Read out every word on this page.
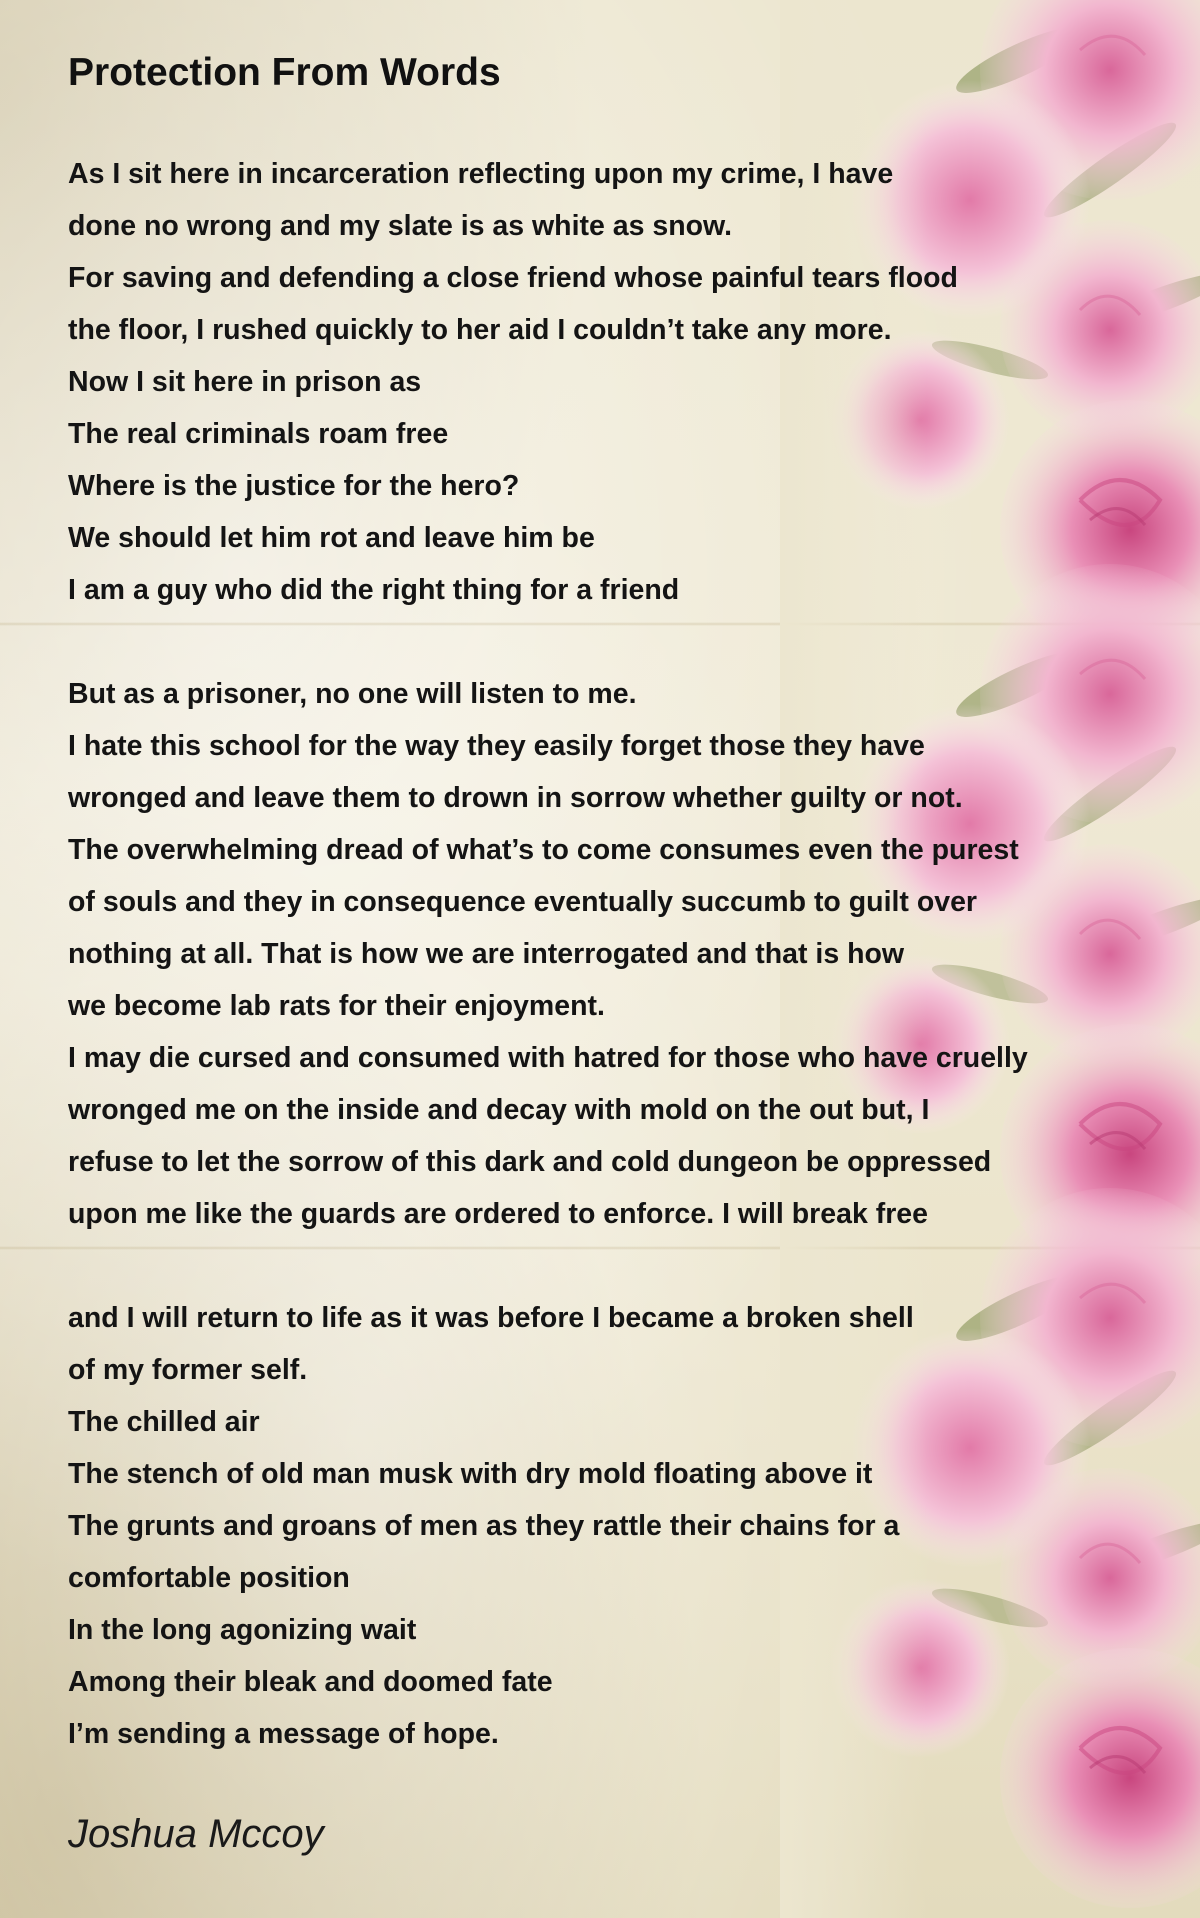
Protection From Words
As I sit here in incarceration reflecting upon my crime, I have
done no wrong and my slate is as white as snow.
For saving and defending a close friend whose painful tears flood
the floor, I rushed quickly to her aid I couldn’t take any more.
Now I sit here in prison as
The real criminals roam free
Where is the justice for the hero?
We should let him rot and leave him be
I am a guy who did the right thing for a friend
But as a prisoner, no one will listen to me.
I hate this school for the way they easily forget those they have
wronged and leave them to drown in sorrow whether guilty or not.
The overwhelming dread of what’s to come consumes even the purest
of souls and they in consequence eventually succumb to guilt over
nothing at all. That is how we are interrogated and that is how
we become lab rats for their enjoyment.
I may die cursed and consumed with hatred for those who have cruelly
wronged me on the inside and decay with mold on the out but, I
refuse to let the sorrow of this dark and cold dungeon be oppressed
upon me like the guards are ordered to enforce. I will break free
and I will return to life as it was before I became a broken shell
of my former self.
The chilled air
The stench of old man musk with dry mold floating above it
The grunts and groans of men as they rattle their chains for a
comfortable position
In the long agonizing wait
Among their bleak and doomed fate
I’m sending a message of hope.

Joshua Mccoy
